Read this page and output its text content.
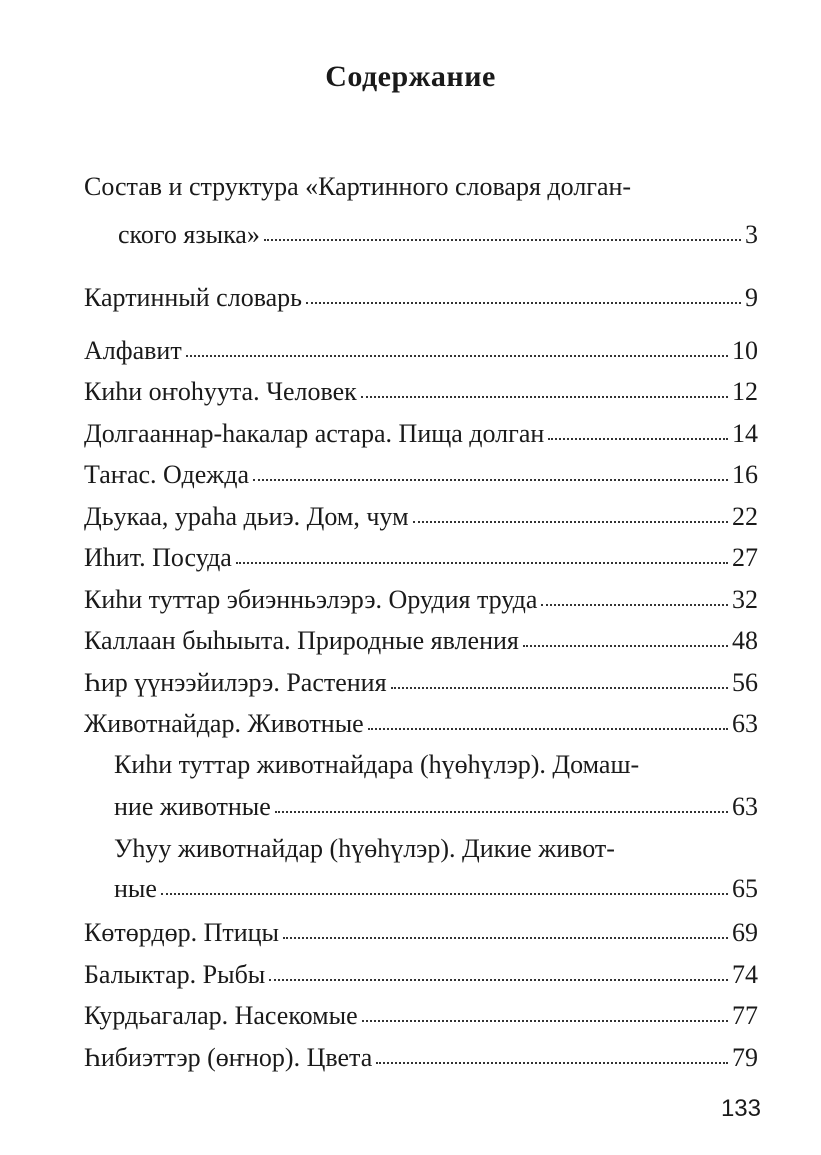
Содержание
Состав и структура «Картинного словаря долган-
ского языка»	3
Картинный словарь	9
Алфавит	10
Киhи оҥоhуута. Человек	12
Долгааннар-hакалар астара. Пища долган	14
Таҥас. Одежда	16
Дьукаа, ураhа дьиэ. Дом, чум	22
Иhит. Посуда	27
Киhи туттар эбиэнньэлэрэ. Орудия труда	32
Каллаан быhыыта. Природные явления	48
Һир үүнээйилэрэ. Растения	56
Животнайдар. Животные	63
Киhи туттар животнайдара (hүөhүлэр). Домаш-
ние животные	63
Уhуу животнайдар (hүөhүлэр). Дикие живот-
ные	65
Көтөрдөр. Птицы	69
Балыктар. Рыбы	74
Курдьагалар. Насекомые	77
Һибиэттэр (өҥнор). Цвета	79
133
